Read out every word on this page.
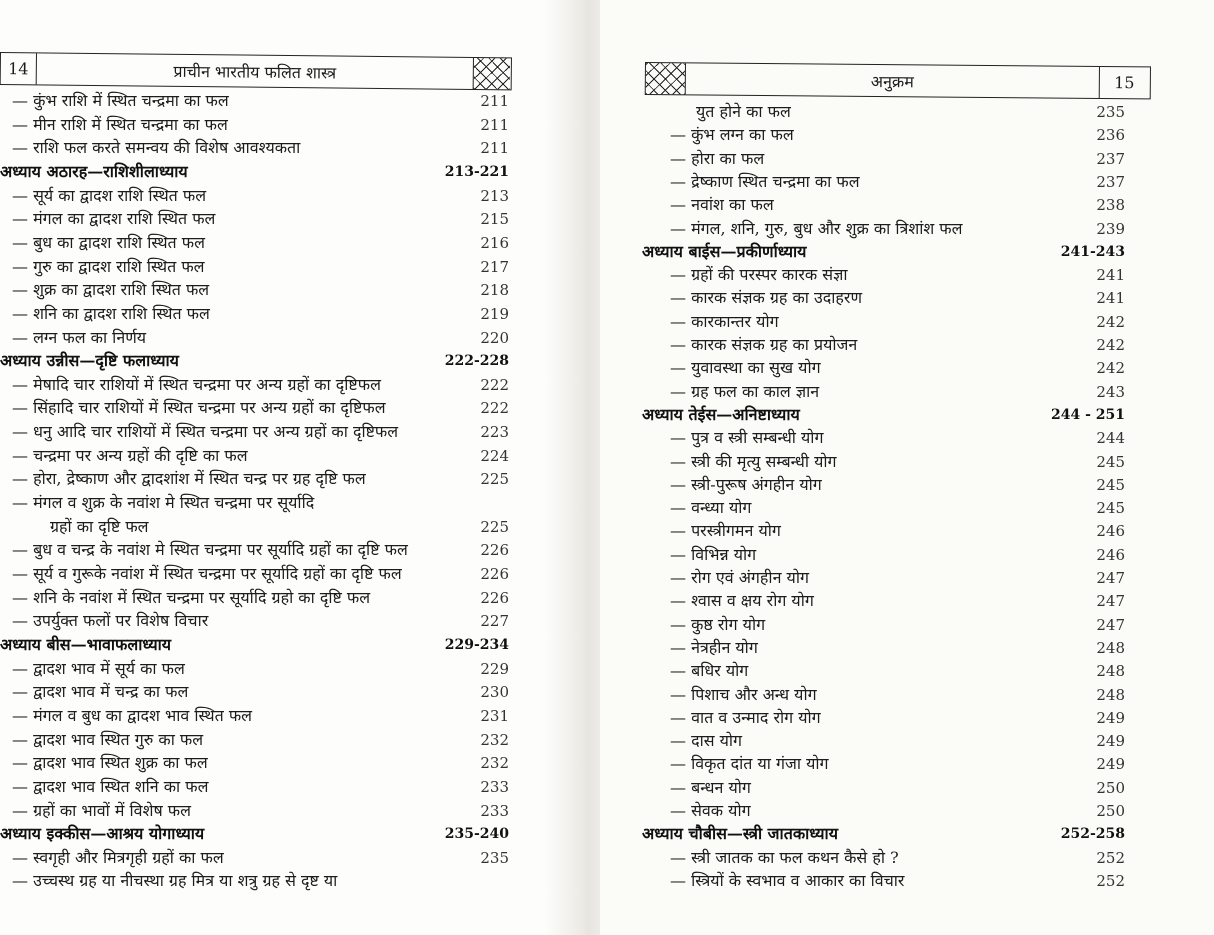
14	प्राचीन भारतीय फलित शास्त्र
— कुंभ राशि में स्थित चन्द्रमा का फल	211
— मीन राशि में स्थित चन्द्रमा का फल	211
— राशि फल करते समन्वय की विशेष आवश्यकता	211
अध्याय अठारह—राशिशीलाध्याय	213-221
— सूर्य का द्वादश राशि स्थित फल	213
— मंगल का द्वादश राशि स्थित फल	215
— बुध का द्वादश राशि स्थित फल	216
— गुरु का द्वादश राशि स्थित फल	217
— शुक्र का द्वादश राशि स्थित फल	218
— शनि का द्वादश राशि स्थित फल	219
— लग्न फल का निर्णय	220
अध्याय उन्नीस—दृष्टि फलाध्याय	222-228
— मेषादि चार राशियों में स्थित चन्द्रमा पर अन्य ग्रहों का दृष्टिफल	222
— सिंहादि चार राशियों में स्थित चन्द्रमा पर अन्य ग्रहों का दृष्टिफल	222
— धनु आदि चार राशियों में स्थित चन्द्रमा पर अन्य ग्रहों का दृष्टिफल	223
— चन्द्रमा पर अन्य ग्रहों की दृष्टि का फल	224
— होरा, द्रेष्काण और द्वादशांश में स्थित चन्द्र पर ग्रह दृष्टि फल	225
— मंगल व शुक्र के नवांश मे स्थित चन्द्रमा पर सूर्यादि
ग्रहों का दृष्टि फल	225
— बुध व चन्द्र के नवांश मे स्थित चन्द्रमा पर सूर्यादि ग्रहों का दृष्टि फल	226
— सूर्य व गुरूके नवांश में स्थित चन्द्रमा पर सूर्यादि ग्रहों का दृष्टि फल	226
— शनि के नवांश में स्थित चन्द्रमा पर सूर्यादि ग्रहो का दृष्टि फल	226
— उपर्युक्त फलों पर विशेष विचार	227
अध्याय बीस—भावाफलाध्याय	229-234
— द्वादश भाव में सूर्य का फल	229
— द्वादश भाव में चन्द्र का फल	230
— मंगल व बुध का द्वादश भाव स्थित फल	231
— द्वादश भाव स्थित गुरु का फल	232
— द्वादश भाव स्थित शुक्र का फल	232
— द्वादश भाव स्थित शनि का फल	233
— ग्रहों का भावों में विशेष फल	233
अध्याय इक्कीस—आश्रय योगाध्याय	235-240
— स्वगृही और मित्रगृही ग्रहों का फल	235
— उच्चस्थ ग्रह या नीचस्था ग्रह मित्र या शत्रु ग्रह से दृष्ट या
अनुक्रम	15
युत होने का फल	235
— कुंभ लग्न का फल	236
— होरा का फल	237
— द्रेष्काण स्थित चन्द्रमा का फल	237
— नवांश का फल	238
— मंगल, शनि, गुरु, बुध और शुक्र का त्रिशांश फल	239
अध्याय बाईस—प्रकीर्णाध्याय	241-243
— ग्रहों की परस्पर कारक संज्ञा	241
— कारक संज्ञक ग्रह का उदाहरण	241
— कारकान्तर योग	242
— कारक संज्ञक ग्रह का प्रयोजन	242
— युवावस्था का सुख योग	242
— ग्रह फल का काल ज्ञान	243
अध्याय तेईस—अनिष्टाध्याय	244 - 251
— पुत्र व स्त्री सम्बन्धी योग	244
— स्त्री की मृत्यु सम्बन्धी योग	245
— स्त्री-पुरूष अंगहीन योग	245
— वन्ध्या योग	245
— परस्त्रीगमन योग	246
— विभिन्न योग	246
— रोग एवं अंगहीन योग	247
— श्वास व क्षय रोग योग	247
— कुष्ठ रोग योग	247
— नेत्रहीन योग	248
— बधिर योग	248
— पिशाच और अन्ध योग	248
— वात व उन्माद रोग योग	249
— दास योग	249
— विकृत दांत या गंजा योग	249
— बन्धन योग	250
— सेवक योग	250
अध्याय चौबीस—स्त्री जातकाध्याय	252-258
— स्त्री जातक का फल कथन कैसे हो ?	252
— स्त्रियों के स्वभाव व आकार का विचार	252
